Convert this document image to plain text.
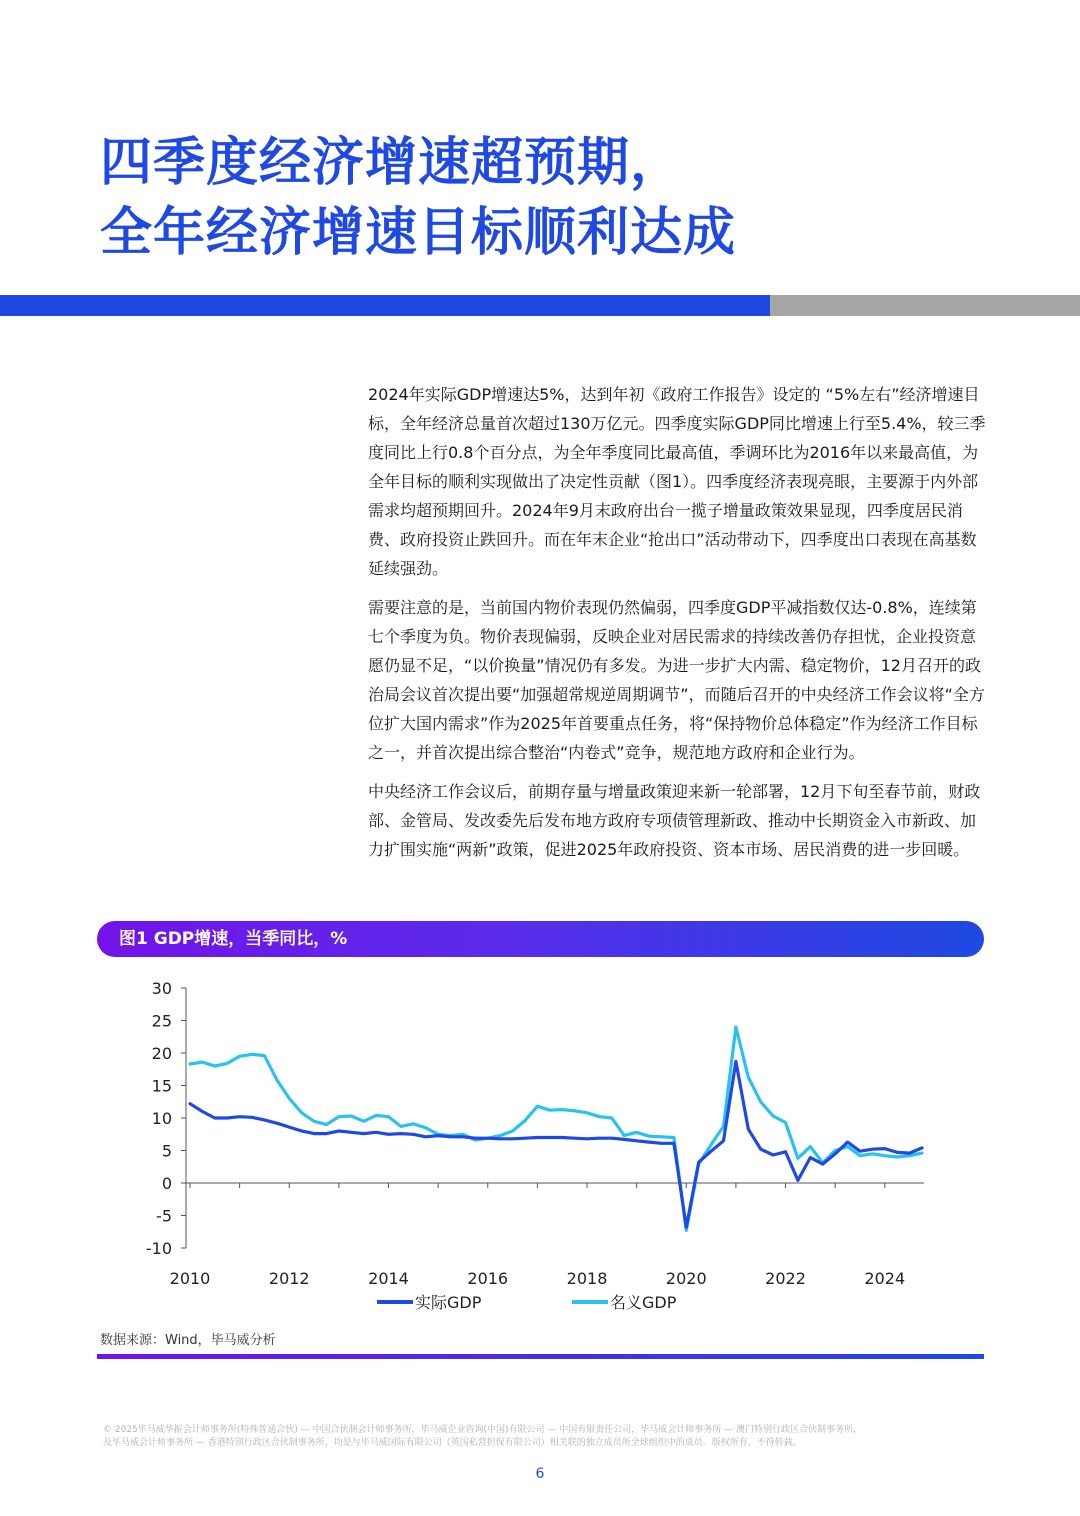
四季度经济增速超预期，
全年经济增速目标顺利达成

2024年实际GDP增速达5%，达到年初《政府工作报告》设定的 “5%左右”经济增速目标，全年经济总量首次超过130万亿元。四季度实际GDP同比增速上行至5.4%，较三季度同比上行0.8个百分点，为全年季度同比最高值，季调环比为2016年以来最高值，为全年目标的顺利实现做出了决定性贡献（图1）。四季度经济表现亮眼，主要源于内外部需求均超预期回升。2024年9月末政府出台一揽子增量政策效果显现，四季度居民消费、政府投资止跌回升。而在年末企业“抢出口”活动带动下，四季度出口表现在高基数延续强劲。

需要注意的是，当前国内物价表现仍然偏弱，四季度GDP平减指数仅达-0.8%，连续第七个季度为负。物价表现偏弱，反映企业对居民需求的持续改善仍存担忧，企业投资意愿仍显不足，“以价换量”情况仍有多发。为进一步扩大内需、稳定物价，12月召开的政治局会议首次提出要“加强超常规逆周期调节”，而随后召开的中央经济工作会议将“全方位扩大国内需求”作为2025年首要重点任务，将“保持物价总体稳定”作为经济工作目标之一，并首次提出综合整治“内卷式”竞争，规范地方政府和企业行为。

中央经济工作会议后，前期存量与增量政策迎来新一轮部署，12月下旬至春节前，财政部、金管局、发改委先后发布地方政府专项债管理新政、推动中长期资金入市新政、加力扩围实施“两新”政策，促进2025年政府投资、资本市场、居民消费的进一步回暖。

图1 GDP增速，当季同比，%
30
25
20
15
10
5
0
-5
-10
2010	2012	2014	2016	2018	2020	2022	2024
实际GDP	名义GDP
数据来源：Wind，毕马威分析
© 2025毕马威华振会计师事务所(特殊普通合伙) — 中国合伙制会计师事务所，毕马威企业咨询(中国)有限公司 — 中国有限责任公司，毕马威会计师事务所 — 澳门特别行政区合伙制事务所，
及毕马威会计师事务所 — 香港特别行政区合伙制事务所，均是与毕马威国际有限公司（英国私营担保有限公司）相关联的独立成员所全球组织中的成员。版权所有，不得转载。
6
